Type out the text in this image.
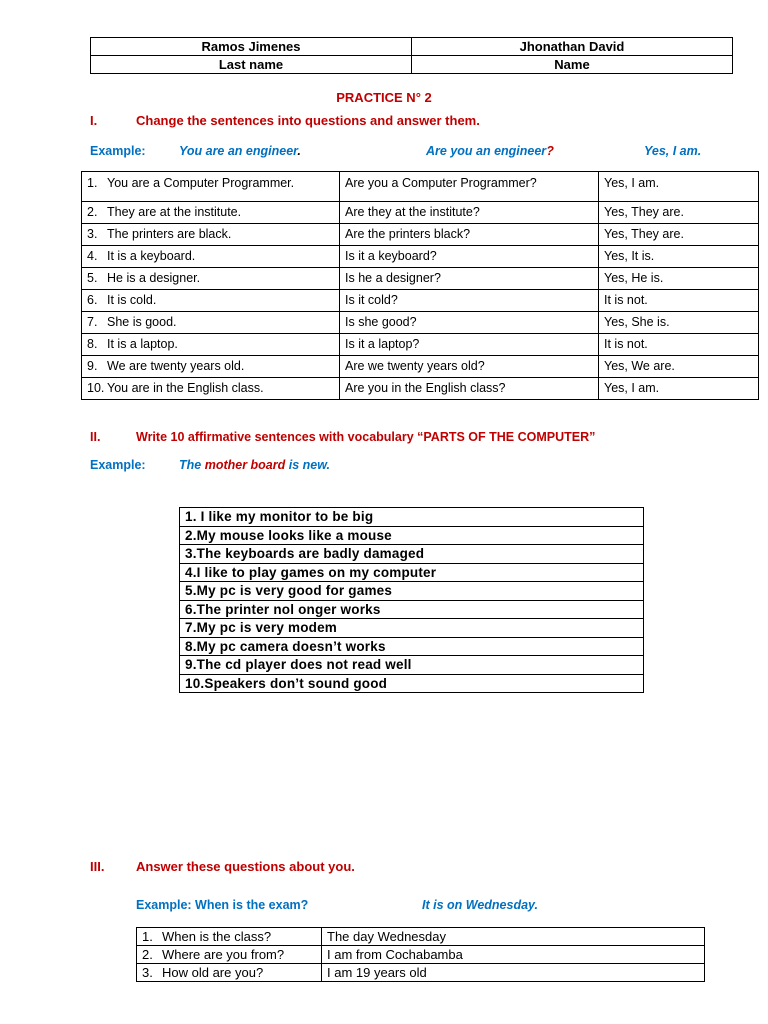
Ramos Jimenes	Jhonathan David
Last name	Name
PRACTICE N° 2
I.	Change the sentences into questions and answer them.
Example:	You are an engineer.	Are you an engineer?	Yes, I am.
1. You are a Computer Programmer.	Are you a Computer Programmer?	Yes, I am.
2. They are at the institute.	Are they at the institute?	Yes, They are.
3. The printers are black.	Are the printers black?	Yes, They are.
4. It is a keyboard.	Is it a keyboard?	Yes, It is.
5. He is a designer.	Is he a designer?	Yes, He is.
6. It is cold.	Is it cold?	It is not.
7. She is good.	Is she good?	Yes, She is.
8. It is a laptop.	Is it a laptop?	It is not.
9. We are twenty years old.	Are we twenty years old?	Yes, We are.
10. You are in the English class.	Are you in the English class?	Yes, I am.
II.	Write 10 affirmative sentences with vocabulary “PARTS OF THE COMPUTER”
Example:	The mother board is new.
1. I like my monitor to be big
2.My mouse looks like a mouse
3.The keyboards are badly damaged
4.I like to play games on my computer
5.My pc is very good for games
6.The printer nol onger works
7.My pc is very modem
8.My pc camera doesn’t works
9.The cd player does not read well
10.Speakers don’t sound good
III. Answer these questions about you.
Example: When is the exam?	It is on Wednesday.
1. When is the class?	The day Wednesday
2. Where are you from?	I am from Cochabamba
3. How old are you?	I am 19 years old
